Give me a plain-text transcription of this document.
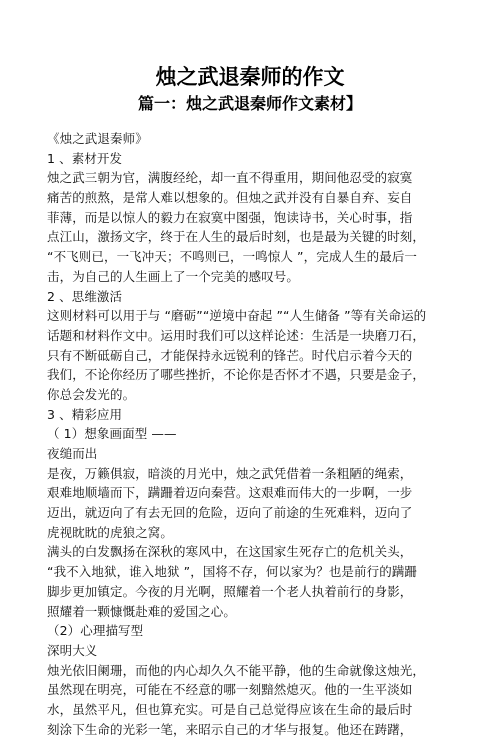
烛之武退秦师的作文
篇一：烛之武退秦师作文素材】
《烛之武退秦师》
1 、素材开发
烛之武三朝为官，满腹经纶，却一直不得重用，期间他忍受的寂寞
痛苦的煎熬，是常人难以想象的。但烛之武并没有自暴自弃、妄自
菲薄，而是以惊人的毅力在寂寞中图强，饱读诗书，关心时事，指
点江山，激扬文字，终于在人生的最后时刻，也是最为关键的时刻，
“不飞则已，一飞冲天；不鸣则已，一鸣惊人 ”，完成人生的最后一
击，为自己的人生画上了一个完美的感叹号。
2 、思维激活
这则材料可以用于与 “磨砺”“逆境中奋起 ”“人生储备 ”等有关命运的
话题和材料作文中。运用时我们可以这样论述：生活是一块磨刀石，
只有不断砥砺自己，才能保持永远锐利的锋芒。时代启示着今天的
我们，不论你经历了哪些挫折，不论你是否怀才不遇，只要是金子，
你总会发光的。
3 、精彩应用
（ 1）想象画面型 ——
夜缒而出
是夜，万籁俱寂，暗淡的月光中，烛之武凭借着一条粗陋的绳索，
艰难地顺墙而下，蹒跚着迈向秦营。这艰难而伟大的一步啊，一步
迈出，就迈向了有去无回的危险，迈向了前途的生死难料，迈向了
虎视眈眈的虎狼之窝。
满头的白发飘扬在深秋的寒风中，在这国家生死存亡的危机关头，
“我不入地狱，谁入地狱 ”，国将不存，何以家为？也是前行的蹒跚
脚步更加镇定。今夜的月光啊，照耀着一个老人执着前行的身影，
照耀着一颗慷慨赴难的爱国之心。
（2）心理描写型
深明大义
烛光依旧阑珊，而他的内心却久久不能平静，他的生命就像这烛光，
虽然现在明亮，可能在不经意的哪一刻黯然熄灭。他的一生平淡如
水，虽然平凡，但也算充实。可是自己总觉得应该在生命的最后时
刻涂下生命的光彩一笔，来昭示自己的才华与报复。他还在踌躇，
